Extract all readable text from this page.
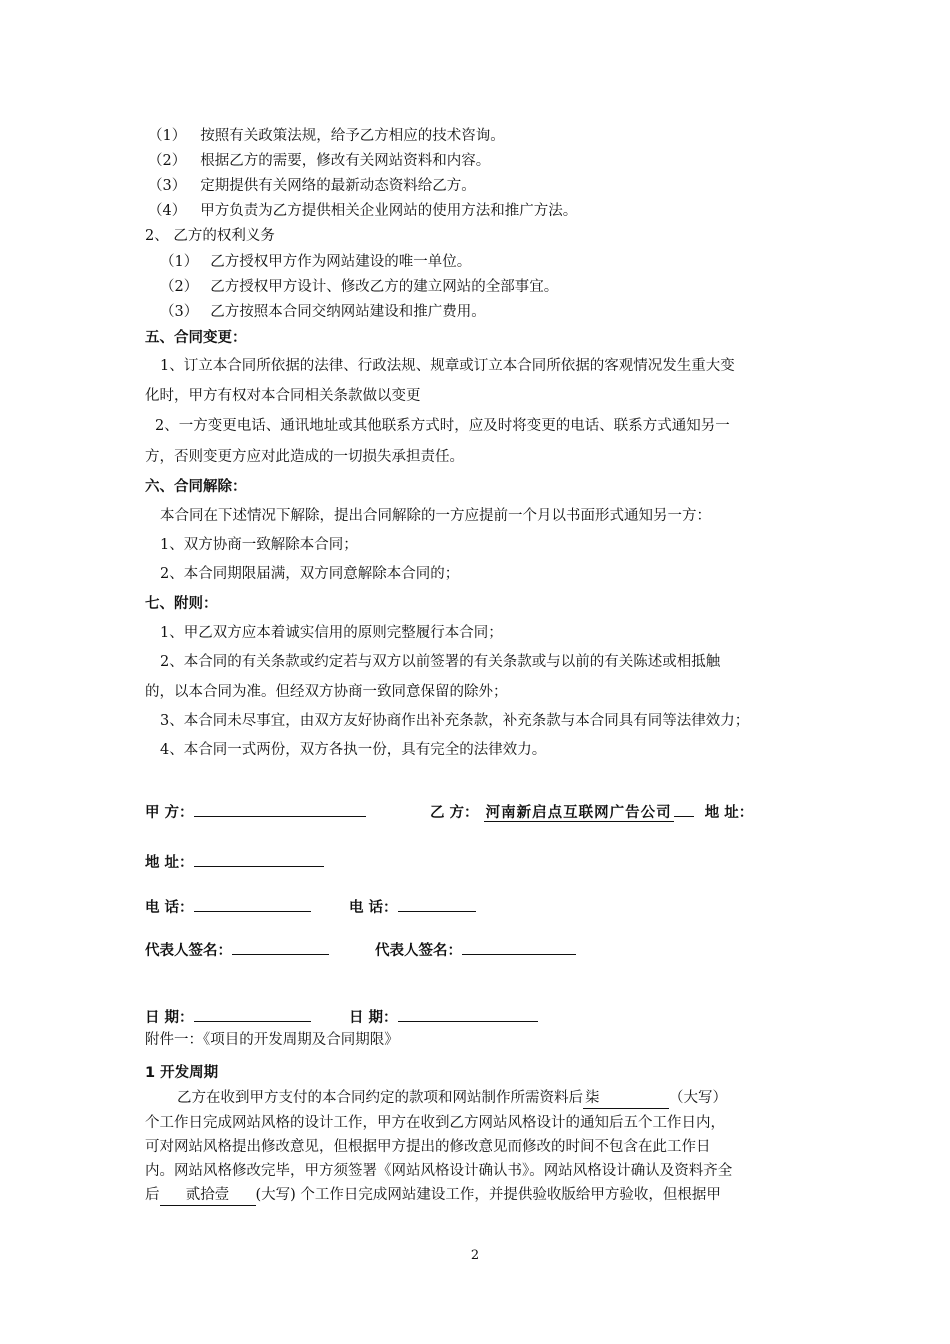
（1） 按照有关政策法规，给予乙方相应的技术咨询。
（2） 根据乙方的需要，修改有关网站资料和内容。
（3） 定期提供有关网络的最新动态资料给乙方。
（4） 甲方负责为乙方提供相关企业网站的使用方法和推广方法。
2、 乙方的权利义务
（1） 乙方授权甲方作为网站建设的唯一单位。
（2） 乙方授权甲方设计、修改乙方的建立网站的全部事宜。
（3） 乙方按照本合同交纳网站建设和推广费用。
五、合同变更：
1、订立本合同所依据的法律、行政法规、规章或订立本合同所依据的客观情况发生重大变
化时，甲方有权对本合同相关条款做以变更
2、一方变更电话、通讯地址或其他联系方式时，应及时将变更的电话、联系方式通知另一
方，否则变更方应对此造成的一切损失承担责任。
六、合同解除：
本合同在下述情况下解除，提出合同解除的一方应提前一个月以书面形式通知另一方：
1、双方协商一致解除本合同；
2、本合同期限届满，双方同意解除本合同的；
七、附则：
1、甲乙双方应本着诚实信用的原则完整履行本合同；
2、本合同的有关条款或约定若与双方以前签署的有关条款或与以前的有关陈述或相抵触
的，以本合同为准。但经双方协商一致同意保留的除外；
3、本合同未尽事宜，由双方友好协商作出补充条款，补充条款与本合同具有同等法律效力；
4、本合同一式两份，双方各执一份，具有完全的法律效力。
甲 方：	乙 方： 河南新启点互联网广告公司 地 址：
地 址：
电 话：	电 话：
代表人签名：	代表人签名：
日 期：	日 期：
附件一：《项目的开发周期及合同期限》
1 开发周期
乙方在收到甲方支付的本合同约定的款项和网站制作所需资料后 柒	（大写）
个工作日完成网站风格的设计工作，甲方在收到乙方网站风格设计的通知后五个工作日内，
可对网站风格提出修改意见，但根据甲方提出的修改意见而修改的时间不包含在此工作日
内。网站风格修改完毕，甲方须签署《网站风格设计确认书》。网站风格设计确认及资料齐全
后 贰拾壹 (大写) 个工作日完成网站建设工作，并提供验收版给甲方验收，但根据甲
2
